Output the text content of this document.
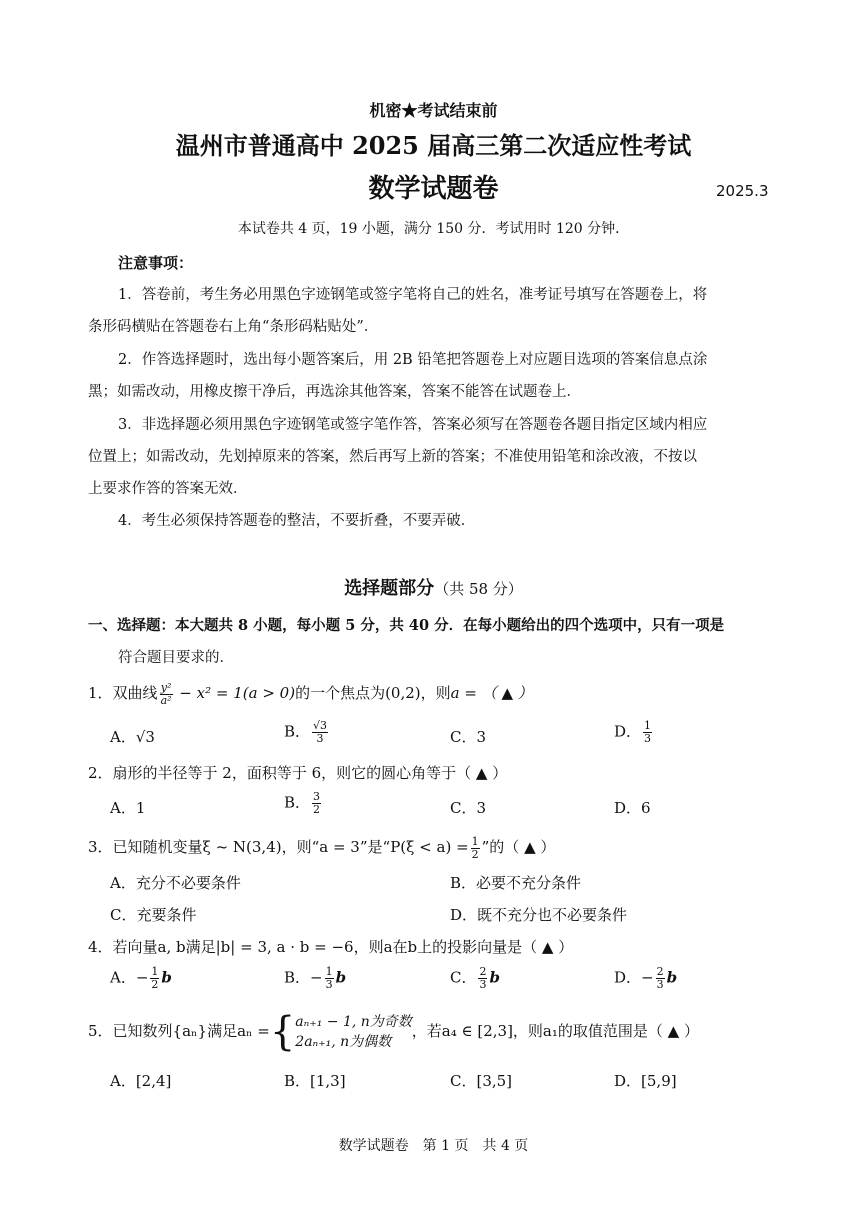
机密★考试结束前
温州市普通高中 2025 届高三第二次适应性考试
数学试题卷	2025.3
本试卷共 4 页，19 小题，满分 150 分．考试用时 120 分钟．
注意事项：
1．答卷前，考生务必用黑色字迹钢笔或签字笔将自己的姓名，准考证号填写在答题卷上，将
条形码横贴在答题卷右上角“条形码粘贴处”．
2．作答选择题时，选出每小题答案后，用 2B 铅笔把答题卷上对应题目选项的答案信息点涂
黑；如需改动，用橡皮擦干净后，再选涂其他答案，答案不能答在试题卷上．
3．非选择题必须用黑色字迹钢笔或签字笔作答，答案必须写在答题卷各题目指定区域内相应
位置上；如需改动，先划掉原来的答案，然后再写上新的答案；不准使用铅笔和涂改液，不按以
上要求作答的答案无效．
4．考生必须保持答题卷的整洁，不要折叠，不要弄破．
选择题部分（共 58 分）
一、选择题：本大题共 8 小题，每小题 5 分，共 40 分．在每小题给出的四个选项中，只有一项是
符合题目要求的．
1．双曲线 $\frac{\text{y²}}{\text{a²}} - x^2 = 1(a > 0)$的一个焦点为(0,2)，则a = （ ▲ ）
A．√3	B． $\frac{√3}{3}$	C．3	D． $\frac{1}{3}$
2．扇形的半径等于 2，面积等于 6，则它的圆心角等于（ ▲ ）
A．1	B． $\frac{3}{2}$	C．3	D．6
3．已知随机变量ξ ~ N(3,4)，则“a = 3”是“$P(\xi < a) = \frac{1}{2}$ ”的（ ▲ ）
A．充分不必要条件	B．必要不充分条件
C．充要条件	D．既不充分也不必要条件
4．若向量a, b满足|b| = 3, a · b = −6，则a在b上的投影向量是（ ▲ ）
A．− $\frac{1}{2}$ b	B．− $\frac{1}{3}$ b	C． $\frac{2}{3}$ b	D．− $\frac{2}{3}$ b
5．已知数列{aₙ}满足aₙ ={ aₙ₊₁ − 1, n为奇数
2aₙ₊₁, n为偶数
，若a₄ ∈ [2,3]，则a₁的取值范围是（ ▲ ）
A．[2,4]	B．[1,3]	C．[3,5]	D．[5,9]
数学试题卷　第 1 页　共 4 页
